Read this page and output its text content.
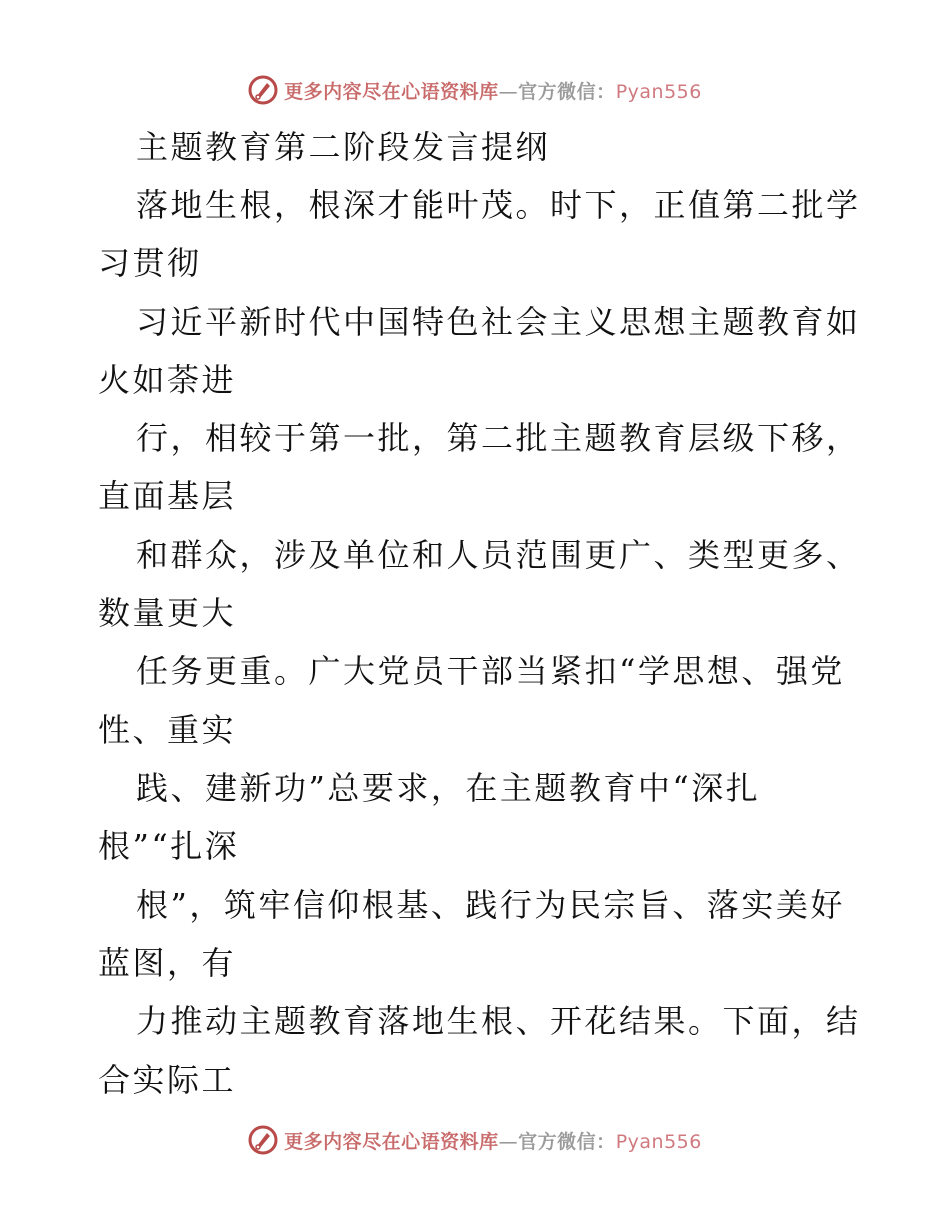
更多内容尽在心语资料库—官方微信：Pyan556
主题教育第二阶段发言提纲
落地生根，根深才能叶茂。时下，正值第二批学
习贯彻
习近平新时代中国特色社会主义思想主题教育如
火如荼进
行，相较于第一批，第二批主题教育层级下移，
直面基层
和群众，涉及单位和人员范围更广、类型更多、
数量更大
任务更重。广大党员干部当紧扣“学思想、强党
性、重实
践、建新功”总要求，在主题教育中“深扎
根”“扎深
根”，筑牢信仰根基、践行为民宗旨、落实美好
蓝图，有
力推动主题教育落地生根、开花结果。下面，结
合实际工
更多内容尽在心语资料库—官方微信：Pyan556
